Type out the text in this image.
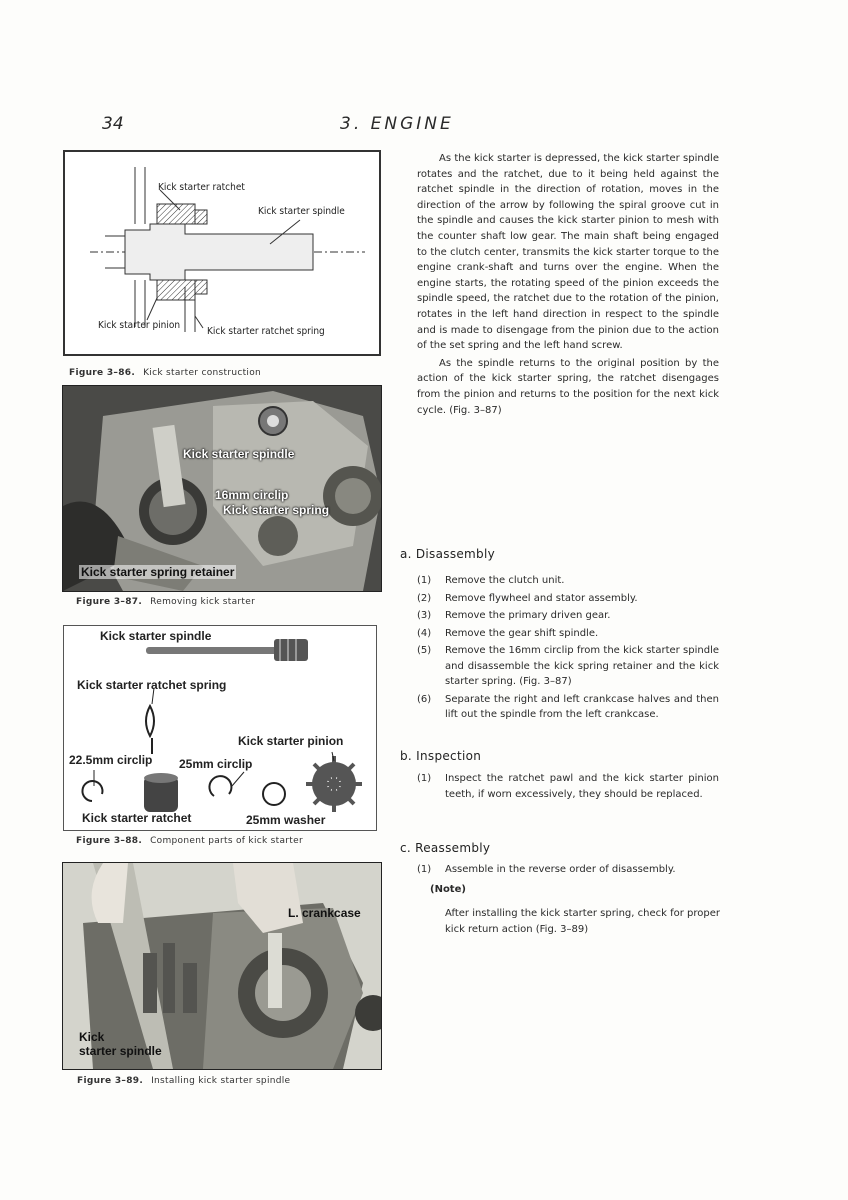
34	3. ENGINE
Kick starter ratchet
Kick starter spindle
Kick starter pinion
Kick starter ratchet spring
Figure 3–86. Kick starter construction
Kick starter spindle
16mm circlip
Kick starter spring
Kick starter spring retainer
Figure 3–87. Removing kick starter
Kick starter spindle
Kick starter ratchet spring
Kick starter pinion
22.5mm circlip 25mm circlip
Kick starter ratchet	25mm washer
Figure 3–88. Component parts of kick starter
L. crankcase
Kick
starter spindle
Figure 3–89. Installing kick starter spindle

As the kick starter is depressed, the kick starter spindle rotates and the ratchet, due to it being held against the ratchet spindle in the direction of rotation, moves in the direction of the arrow by following the spiral groove cut in the spindle and causes the kick starter pinion to mesh with the counter shaft low gear. The main shaft being engaged to the clutch center, transmits the kick starter torque to the engine crank-shaft and turns over the engine. When the engine starts, the rotating speed of the pinion exceeds the spindle speed, the ratchet due to the rotation of the pinion, rotates in the left hand direction in respect to the spindle and is made to disengage from the pinion due to the action of the set spring and the left hand screw.

As the spindle returns to the original position by the action of the kick starter spring, the ratchet disengages from the pinion and returns to the position for the next kick cycle. (Fig. 3–87)

a. Disassembly
(1)	Remove the clutch unit.
(2)	Remove flywheel and stator assembly.
(3)	Remove the primary driven gear.
(4)	Remove the gear shift spindle.
(5)	Remove the 16mm circlip from the kick starter spindle and disassemble the kick spring retainer and the kick starter spring. (Fig. 3–87)
(6)	Separate the right and left crankcase halves and then lift out the spindle from the left crankcase.
b. Inspection
(1)	Inspect the ratchet pawl and the kick starter pinion teeth, if worn excessively, they should be replaced.
c. Reassembly
(1)	Assemble in the reverse order of disassembly.
(Note)
After installing the kick starter spring, check for proper kick return action (Fig. 3–89)
